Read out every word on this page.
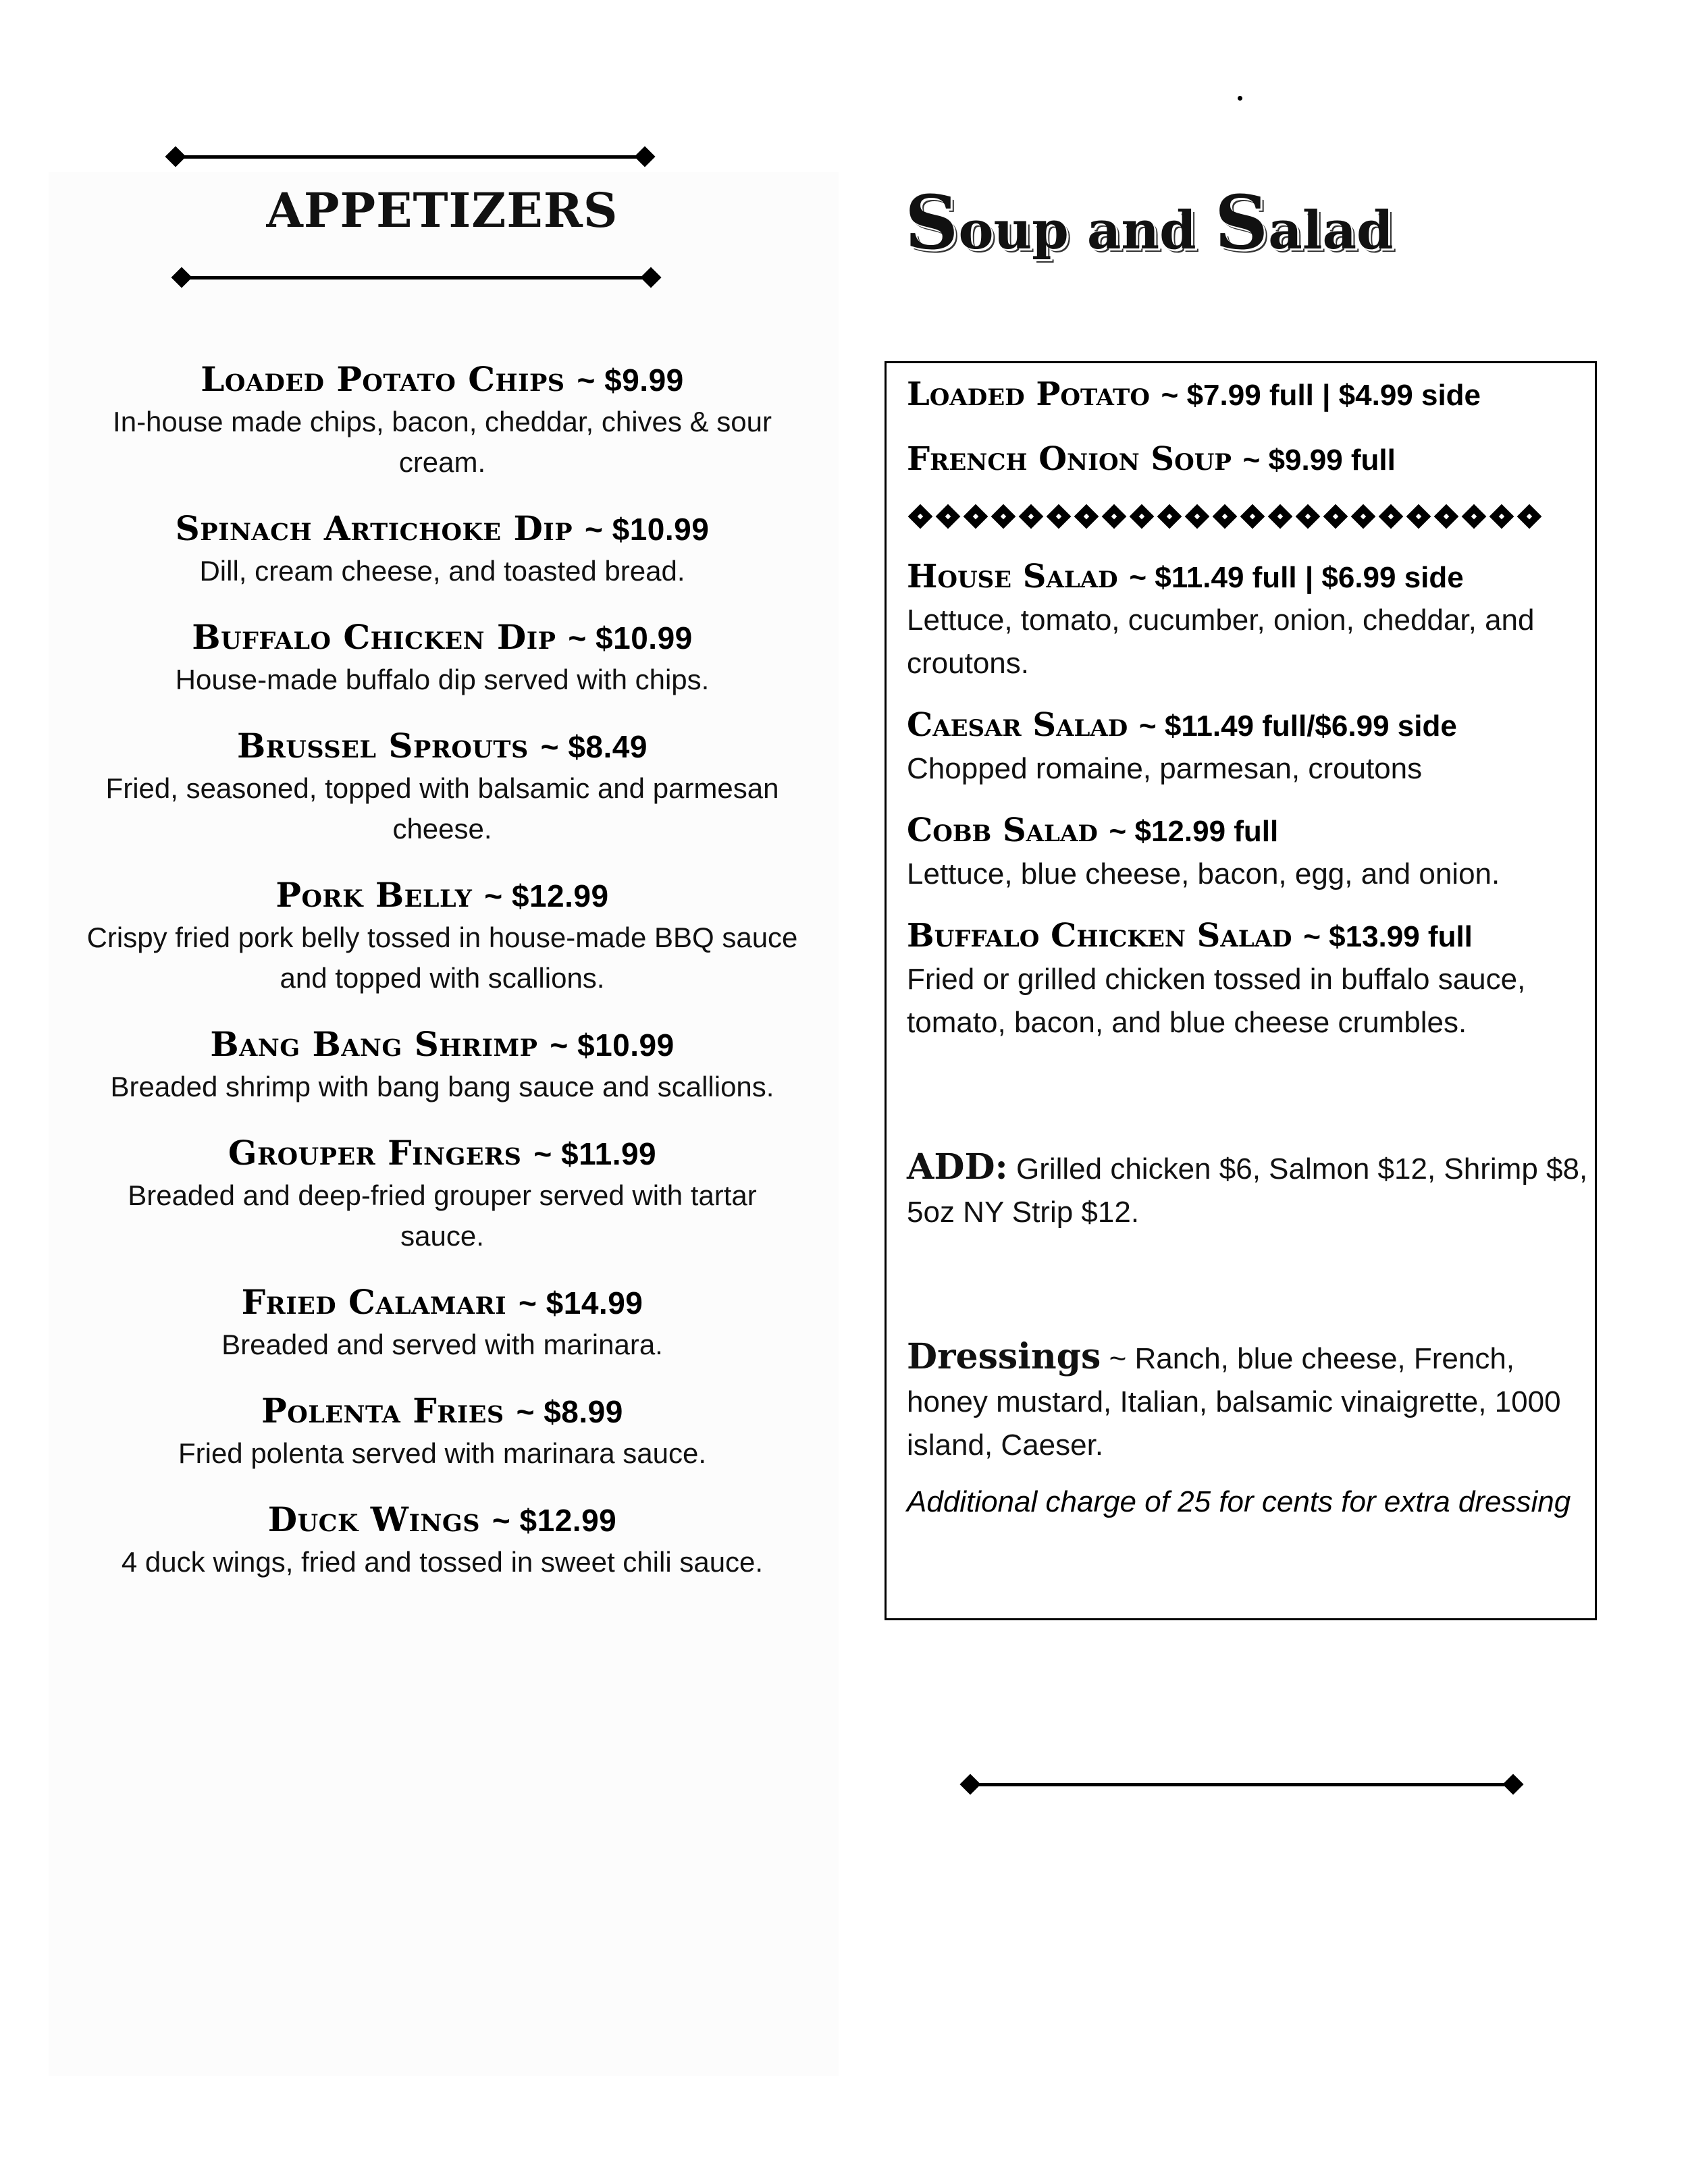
APPETIZERS	Soup and Salad
Loaded Potato Chips ~ $9.99
In-house made chips, bacon, cheddar, chives & sour cream.
Spinach Artichoke Dip ~ $10.99
Dill, cream cheese, and toasted bread.
Buffalo Chicken Dip ~ $10.99
House-made buffalo dip served with chips.
Brussel Sprouts ~ $8.49
Fried, seasoned, topped with balsamic and parmesan cheese.
Pork Belly ~ $12.99
Crispy fried pork belly tossed in house-made BBQ sauce and topped with scallions.
Bang Bang Shrimp ~ $10.99
Breaded shrimp with bang bang sauce and scallions.
Grouper Fingers ~ $11.99
Breaded and deep-fried grouper served with tartar sauce.
Fried Calamari ~ $14.99
Breaded and served with marinara.
Polenta Fries ~ $8.99
Fried polenta served with marinara sauce.
Duck Wings ~ $12.99
4 duck wings, fried and tossed in sweet chili sauce.
Loaded Potato ~ $7.99 full | $4.99 side
French Onion Soup ~ $9.99 full
House Salad ~ $11.49 full | $6.99 side
Lettuce, tomato, cucumber, onion, cheddar, and croutons.
Caesar Salad ~ $11.49 full/$6.99 side
Chopped romaine, parmesan, croutons
Cobb Salad ~ $12.99 full
Lettuce, blue cheese, bacon, egg, and onion.
Buffalo Chicken Salad ~ $13.99 full
Fried or grilled chicken tossed in buffalo sauce, tomato, bacon, and blue cheese crumbles.
ADD: Grilled chicken $6, Salmon $12, Shrimp $8, 5oz NY Strip $12.
Dressings ~ Ranch, blue cheese, French, honey mustard, Italian, balsamic vinaigrette, 1000 island, Caeser.
Additional charge of 25 for cents for extra dressing
